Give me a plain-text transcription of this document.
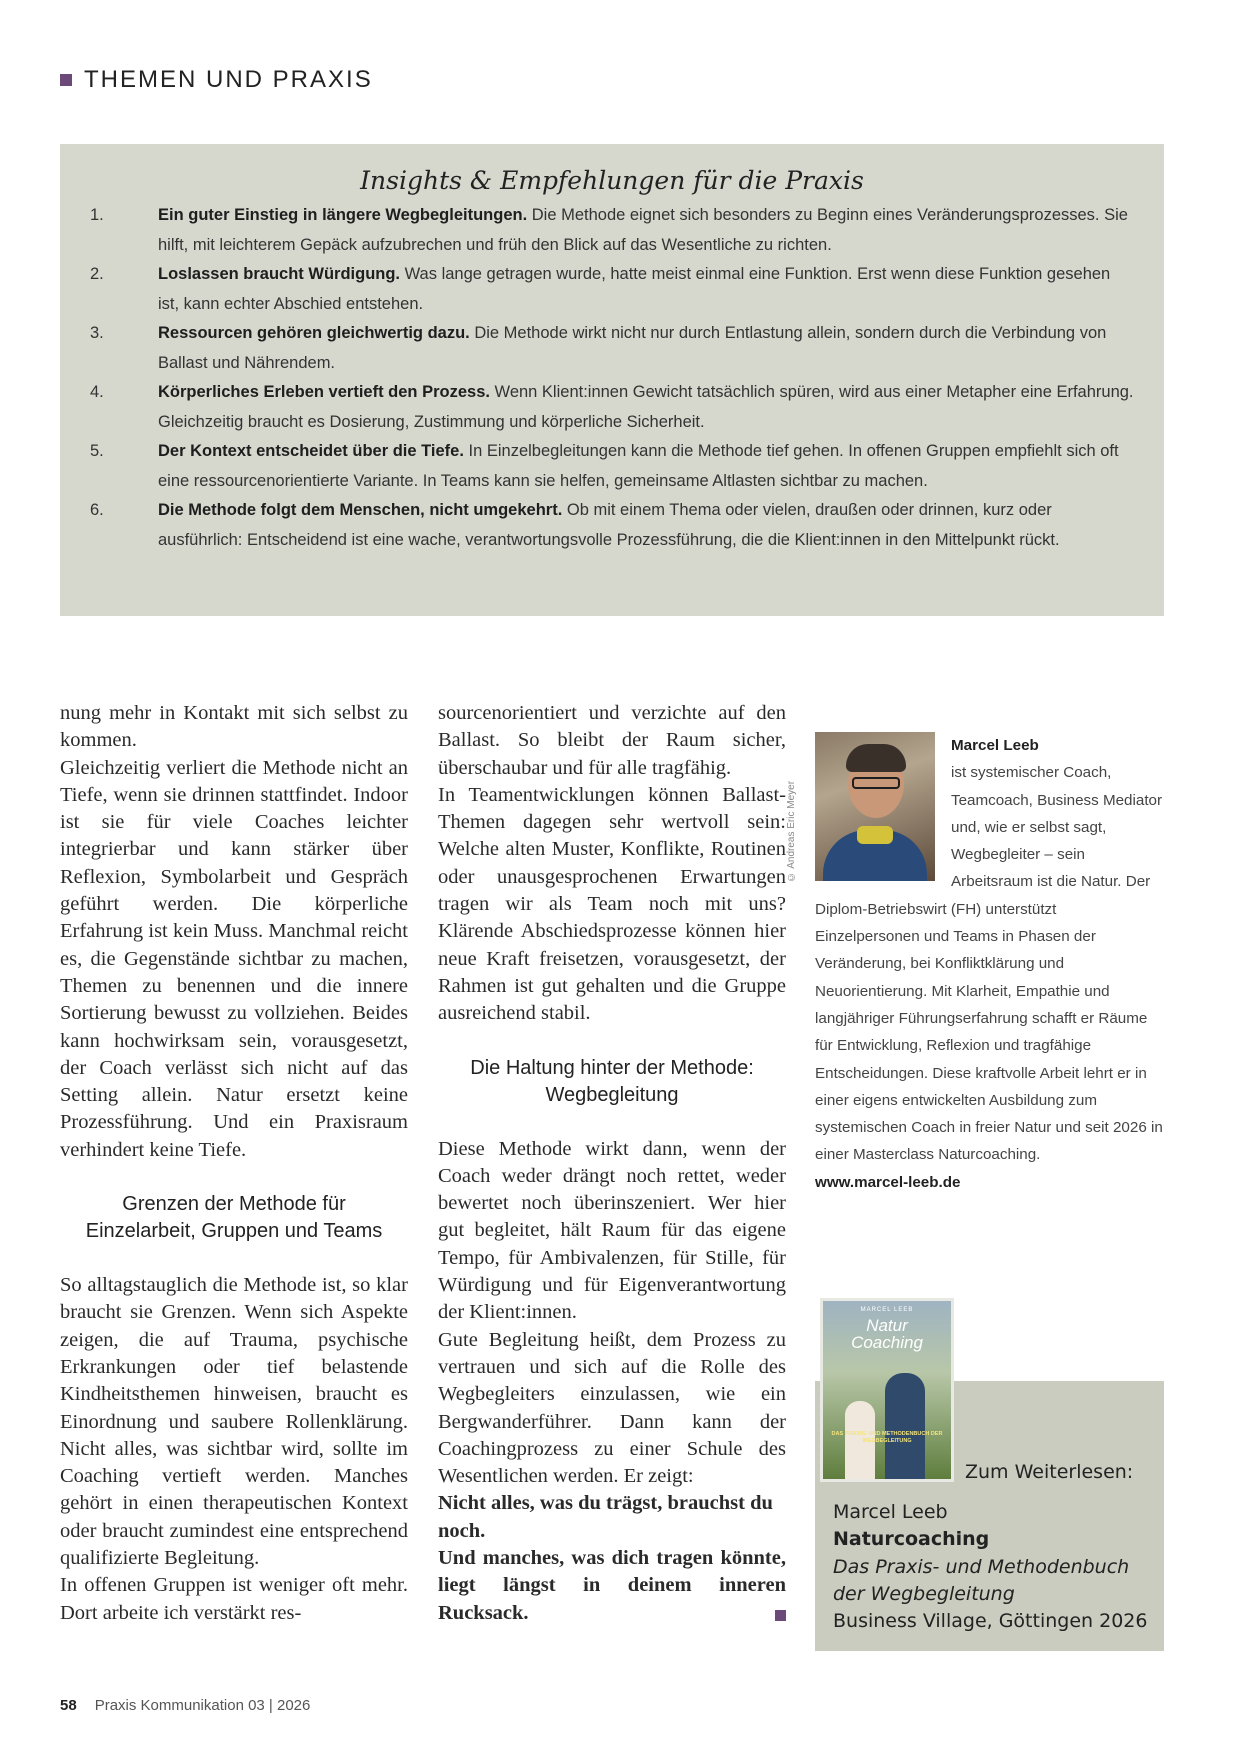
THEMEN UND PRAXIS
Insights & Empfehlungen für die Praxis
1.	Ein guter Einstieg in längere Wegbegleitungen. Die Methode eignet sich besonders zu Beginn eines Veränderungsprozesses. Sie hilft, mit leichterem Gepäck aufzubrechen und früh den Blick auf das Wesentliche zu richten.
2.	Loslassen braucht Würdigung. Was lange getragen wurde, hatte meist einmal eine Funktion. Erst wenn diese Funktion gesehen ist, kann echter Abschied entstehen.
3.	Ressourcen gehören gleichwertig dazu. Die Methode wirkt nicht nur durch Entlastung allein, sondern durch die Verbindung von Ballast und Nährendem.
4.	Körperliches Erleben vertieft den Prozess. Wenn Klient:innen Gewicht tatsächlich spüren, wird aus einer Metapher eine Erfahrung. Gleichzeitig braucht es Dosierung, Zustimmung und körperliche Sicherheit.
5.	Der Kontext entscheidet über die Tiefe. In Einzelbegleitungen kann die Methode tief gehen. In offenen Gruppen empfiehlt sich oft eine ressourcenorientierte Variante. In Teams kann sie helfen, gemeinsame Altlasten sichtbar zu machen.
6.	Die Methode folgt dem Menschen, nicht umgekehrt. Ob mit einem Thema oder vielen, draußen oder drinnen, kurz oder ausführlich: Entscheidend ist eine wache, verantwortungsvolle Prozessführung, die die Klient:innen in den Mittelpunkt rückt.

nung mehr in Kontakt mit sich selbst zu kommen.

Gleichzeitig verliert die Methode nicht an Tiefe, wenn sie drinnen stattfindet. Indoor ist sie für viele Coaches leichter integrierbar und kann stärker über Reflexion, Symbolarbeit und Gespräch geführt werden. Die körperliche Erfahrung ist kein Muss. Manchmal reicht es, die Gegenstände sichtbar zu machen, Themen zu benennen und die innere Sortierung bewusst zu vollziehen. Beides kann hochwirksam sein, vorausgesetzt, der Coach verlässt sich nicht auf das Setting allein. Natur ersetzt keine Prozessführung. Und ein Praxisraum verhindert keine Tiefe.

Grenzen der Methode für

Einzelarbeit, Gruppen und Teams

So alltagstauglich die Methode ist, so klar braucht sie Grenzen. Wenn sich Aspekte zeigen, die auf Trauma, psychische Erkrankungen oder tief belastende Kindheitsthemen hinweisen, braucht es Einordnung und saubere Rollenklärung. Nicht alles, was sichtbar wird, sollte im Coaching vertieft werden. Manches gehört in einen therapeutischen Kontext oder braucht zumindest eine entsprechend qualifizierte Begleitung.

In offenen Gruppen ist weniger oft mehr. Dort arbeite ich verstärkt res-

sourcenorientiert und verzichte auf den Ballast. So bleibt der Raum sicher, überschaubar und für alle tragfähig.

In Teamentwicklungen können Ballast-Themen dagegen sehr wertvoll sein: Welche alten Muster, Konflikte, Routinen oder unausgesprochenen Erwartungen tragen wir als Team noch mit uns? Klärende Abschiedsprozesse können hier neue Kraft freisetzen, vorausgesetzt, der Rahmen ist gut gehalten und die Gruppe ausreichend stabil.

Die Haltung hinter der Methode:

Wegbegleitung

Diese Methode wirkt dann, wenn der Coach weder drängt noch rettet, weder bewertet noch überinszeniert. Wer hier gut begleitet, hält Raum für das eigene Tempo, für Ambivalenzen, für Stille, für Würdigung und für Eigenverantwortung der Klient:innen.

Gute Begleitung heißt, dem Prozess zu vertrauen und sich auf die Rolle des Wegbegleiters einzulassen, wie ein Bergwanderführer. Dann kann der Coachingprozess zu einer Schule des Wesentlichen werden. Er zeigt:

Nicht alles, was du trägst, brauchst du noch.

Und manches, was dich tragen könnte, liegt längst in deinem inneren Rucksack.

© Andreas Eric Meyer
Marcel Leeb
ist systemischer Coach, Teamcoach, Business Mediator und, wie er selbst sagt, Wegbegleiter – sein Arbeitsraum ist die Natur. Der Diplom-Betriebswirt (FH) unterstützt Einzelpersonen und Teams in Phasen der Veränderung, bei Konfliktklärung und Neuorientierung. Mit Klarheit, Empathie und langjähriger Führungserfahrung schafft er Räume für Entwicklung, Reflexion und tragfähige Entscheidungen. Diese kraftvolle Arbeit lehrt er in einer eigens entwickelten Ausbildung zum systemischen Coach in freier Natur und seit 2026 in einer Masterclass Naturcoaching.
www.marcel-leeb.de
MARCEL LEEB
Natur
Coaching
DAS PRAXIS- UND METHODENBUCH DER WEGBEGLEITUNG
Zum Weiterlesen:
Marcel Leeb
Naturcoaching
Das Praxis- und Methodenbuch der Wegbegleitung
Business Village, Göttingen 2026
58 Praxis Kommunikation 03 | 2026
